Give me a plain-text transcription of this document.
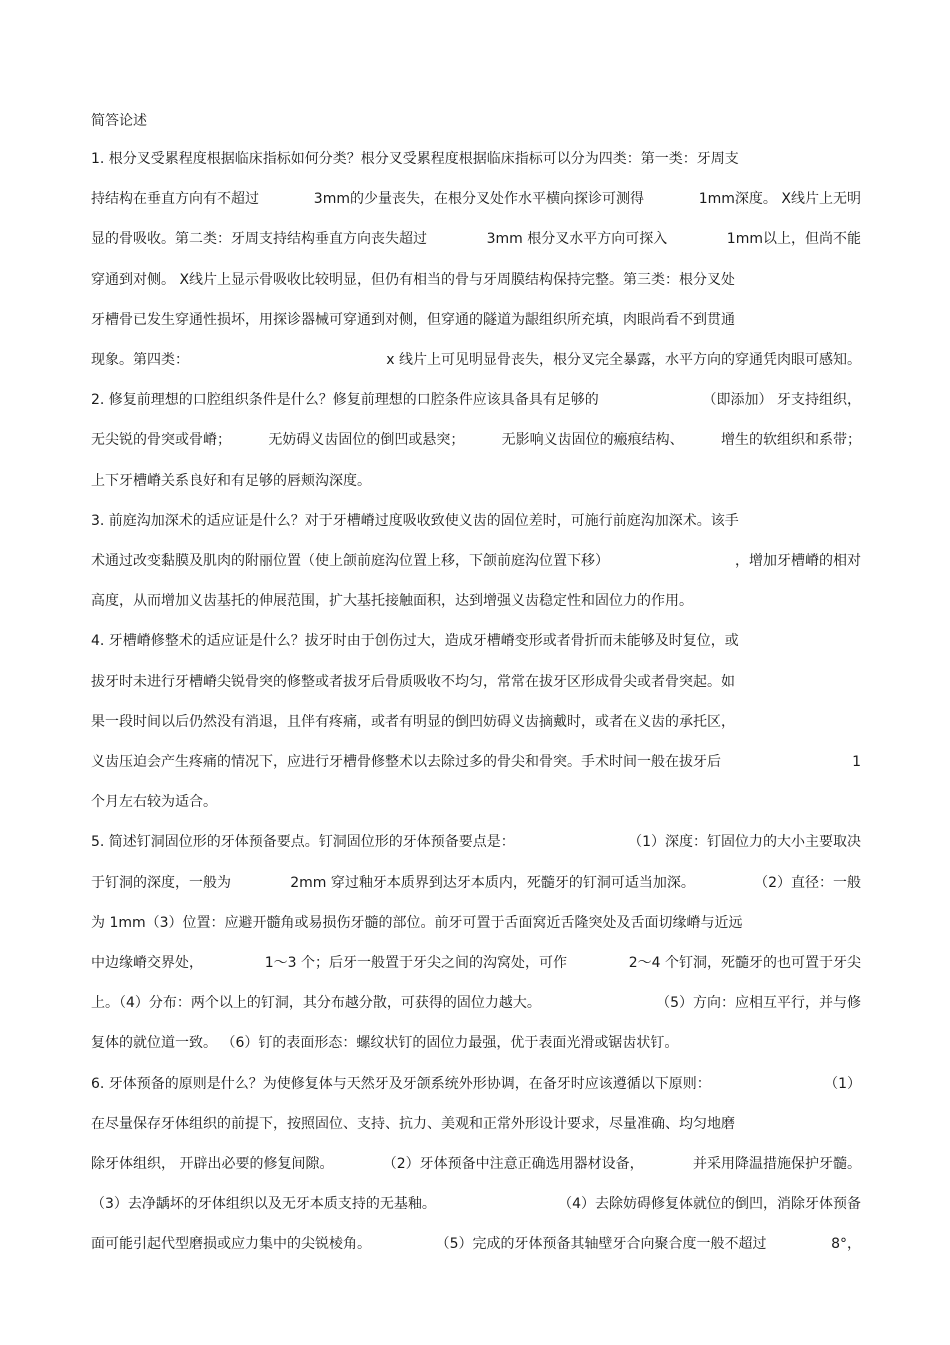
简答论述
1. 根分叉受累程度根据临床指标如何分类？根分叉受累程度根据临床指标可以分为四类：第一类：牙周支
持结构在垂直方向有不超过	3mm的少量丧失，在根分叉处作水平横向探诊可测得	1mm深度。 X线片上无明
显的骨吸收。第二类：牙周支持结构垂直方向丧失超过	3mm 根分叉水平方向可探入	1mm以上，但尚不能
穿通到对侧。 X线片上显示骨吸收比较明显，但仍有相当的骨与牙周膜结构保持完整。第三类：根分叉处
牙槽骨已发生穿通性损坏，用探诊器械可穿通到对侧，但穿通的隧道为龈组织所充填，肉眼尚看不到贯通
现象。第四类：	x 线片上可见明显骨丧失，根分叉完全暴露，水平方向的穿通凭肉眼可感知。
2. 修复前理想的口腔组织条件是什么？修复前理想的口腔条件应该具备具有足够的	（即添加） 牙支持组织，
无尖锐的骨突或骨嵴；	无妨碍义齿固位的倒凹或悬突；	无影响义齿固位的瘢痕结构、	增生的软组织和系带；
上下牙槽嵴关系良好和有足够的唇颊沟深度。
3. 前庭沟加深术的适应证是什么？对于牙槽嵴过度吸收致使义齿的固位差时，可施行前庭沟加深术。该手
术通过改变黏膜及肌肉的附丽位置（使上颌前庭沟位置上移，下颌前庭沟位置下移）	，增加牙槽嵴的相对
高度，从而增加义齿基托的伸展范围，扩大基托接触面积，达到增强义齿稳定性和固位力的作用。
4. 牙槽嵴修整术的适应证是什么？拔牙时由于创伤过大，造成牙槽嵴变形或者骨折而未能够及时复位，或
拔牙时未进行牙槽嵴尖锐骨突的修整或者拔牙后骨质吸收不均匀，常常在拔牙区形成骨尖或者骨突起。如
果一段时间以后仍然没有消退，且伴有疼痛，或者有明显的倒凹妨碍义齿摘戴时，或者在义齿的承托区，
义齿压迫会产生疼痛的情况下，应进行牙槽骨修整术以去除过多的骨尖和骨突。手术时间一般在拔牙后	1
个月左右较为适合。
5. 简述钉洞固位形的牙体预备要点。钉洞固位形的牙体预备要点是：	（1）深度：钉固位力的大小主要取决
于钉洞的深度，一般为	2mm 穿过釉牙本质界到达牙本质内，死髓牙的钉洞可适当加深。	（2）直径：一般
为 1mm（3）位置：应避开髓角或易损伤牙髓的部位。前牙可置于舌面窝近舌隆突处及舌面切缘嵴与近远
中边缘嵴交界处，	1～3 个；后牙一般置于牙尖之间的沟窝处，可作	2～4 个钉洞，死髓牙的也可置于牙尖
上。（4）分布：两个以上的钉洞，其分布越分散，可获得的固位力越大。	（5）方向：应相互平行，并与修
复体的就位道一致。 （6）钉的表面形态：螺纹状钉的固位力最强，优于表面光滑或锯齿状钉。
6. 牙体预备的原则是什么？为使修复体与天然牙及牙颌系统外形协调，在备牙时应该遵循以下原则：	（1）
在尽量保存牙体组织的前提下，按照固位、支持、抗力、美观和正常外形设计要求，尽量准确、均匀地磨
除牙体组织， 开辟出必要的修复间隙。	（2）牙体预备中注意正确选用器材设备，	并采用降温措施保护牙髓。
（3）去净龋坏的牙体组织以及无牙本质支持的无基釉。	（4）去除妨碍修复体就位的倒凹，消除牙体预备
面可能引起代型磨损或应力集中的尖锐棱角。	（5）完成的牙体预备其轴壁牙合向聚合度一般不超过	8°，
